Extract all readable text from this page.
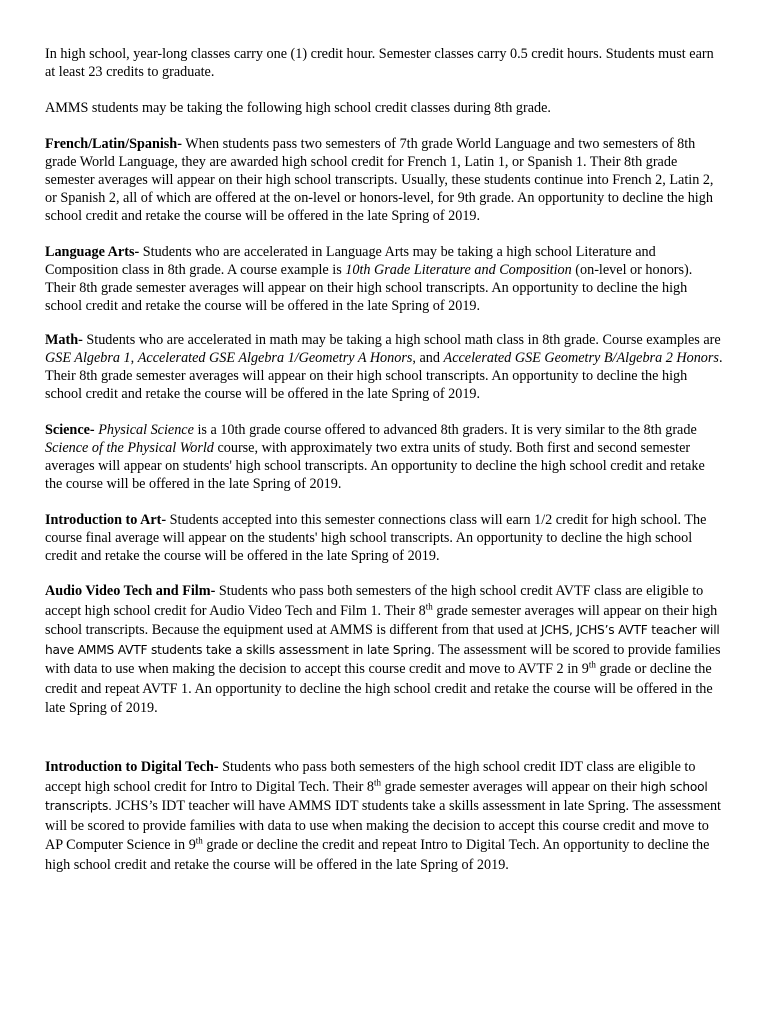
In high school, year-long classes carry one (1) credit hour. Semester classes carry 0.5 credit hours. Students must earn at least 23 credits to graduate.

AMMS students may be taking the following high school credit classes during 8th grade.

French/Latin/Spanish- When students pass two semesters of 7th grade World Language and two semesters of 8th grade World Language, they are awarded high school credit for French 1, Latin 1, or Spanish 1. Their 8th grade semester averages will appear on their high school transcripts. Usually, these students continue into French 2, Latin 2, or Spanish 2, all of which are offered at the on-level or honors-level, for 9th grade. An opportunity to decline the high school credit and retake the course will be offered in the late Spring of 2019.

Language Arts- Students who are accelerated in Language Arts may be taking a high school Literature and Composition class in 8th grade. A course example is 10th Grade Literature and Composition (on-level or honors). Their 8th grade semester averages will appear on their high school transcripts. An opportunity to decline the high school credit and retake the course will be offered in the late Spring of 2019.

Math- Students who are accelerated in math may be taking a high school math class in 8th grade. Course examples are GSE Algebra 1, Accelerated GSE Algebra 1/Geometry A Honors, and Accelerated GSE Geometry B/Algebra 2 Honors. Their 8th grade semester averages will appear on their high school transcripts. An opportunity to decline the high school credit and retake the course will be offered in the late Spring of 2019.

Science- Physical Science is a 10th grade course offered to advanced 8th graders. It is very similar to the 8th grade Science of the Physical World course, with approximately two extra units of study. Both first and second semester averages will appear on students' high school transcripts. An opportunity to decline the high school credit and retake the course will be offered in the late Spring of 2019.

Introduction to Art- Students accepted into this semester connections class will earn 1/2 credit for high school. The course final average will appear on the students' high school transcripts. An opportunity to decline the high school credit and retake the course will be offered in the late Spring of 2019.

Audio Video Tech and Film- Students who pass both semesters of the high school credit AVTF class are eligible to accept high school credit for Audio Video Tech and Film 1. Their 8th grade semester averages will appear on their high school transcripts. Because the equipment used at AMMS is different from that used at JCHS, JCHS’s AVTF teacher will have AMMS AVTF students take a skills assessment in late Spring. The assessment will be scored to provide families with data to use when making the decision to accept this course credit and move to AVTF 2 in 9th grade or decline the credit and repeat AVTF 1. An opportunity to decline the high school credit and retake the course will be offered in the late Spring of 2019.

Introduction to Digital Tech- Students who pass both semesters of the high school credit IDT class are eligible to accept high school credit for Intro to Digital Tech. Their 8th grade semester averages will appear on their high school transcripts. JCHS’s IDT teacher will have AMMS IDT students take a skills assessment in late Spring. The assessment will be scored to provide families with data to use when making the decision to accept this course credit and move to AP Computer Science in 9th grade or decline the credit and repeat Intro to Digital Tech. An opportunity to decline the high school credit and retake the course will be offered in the late Spring of 2019.
